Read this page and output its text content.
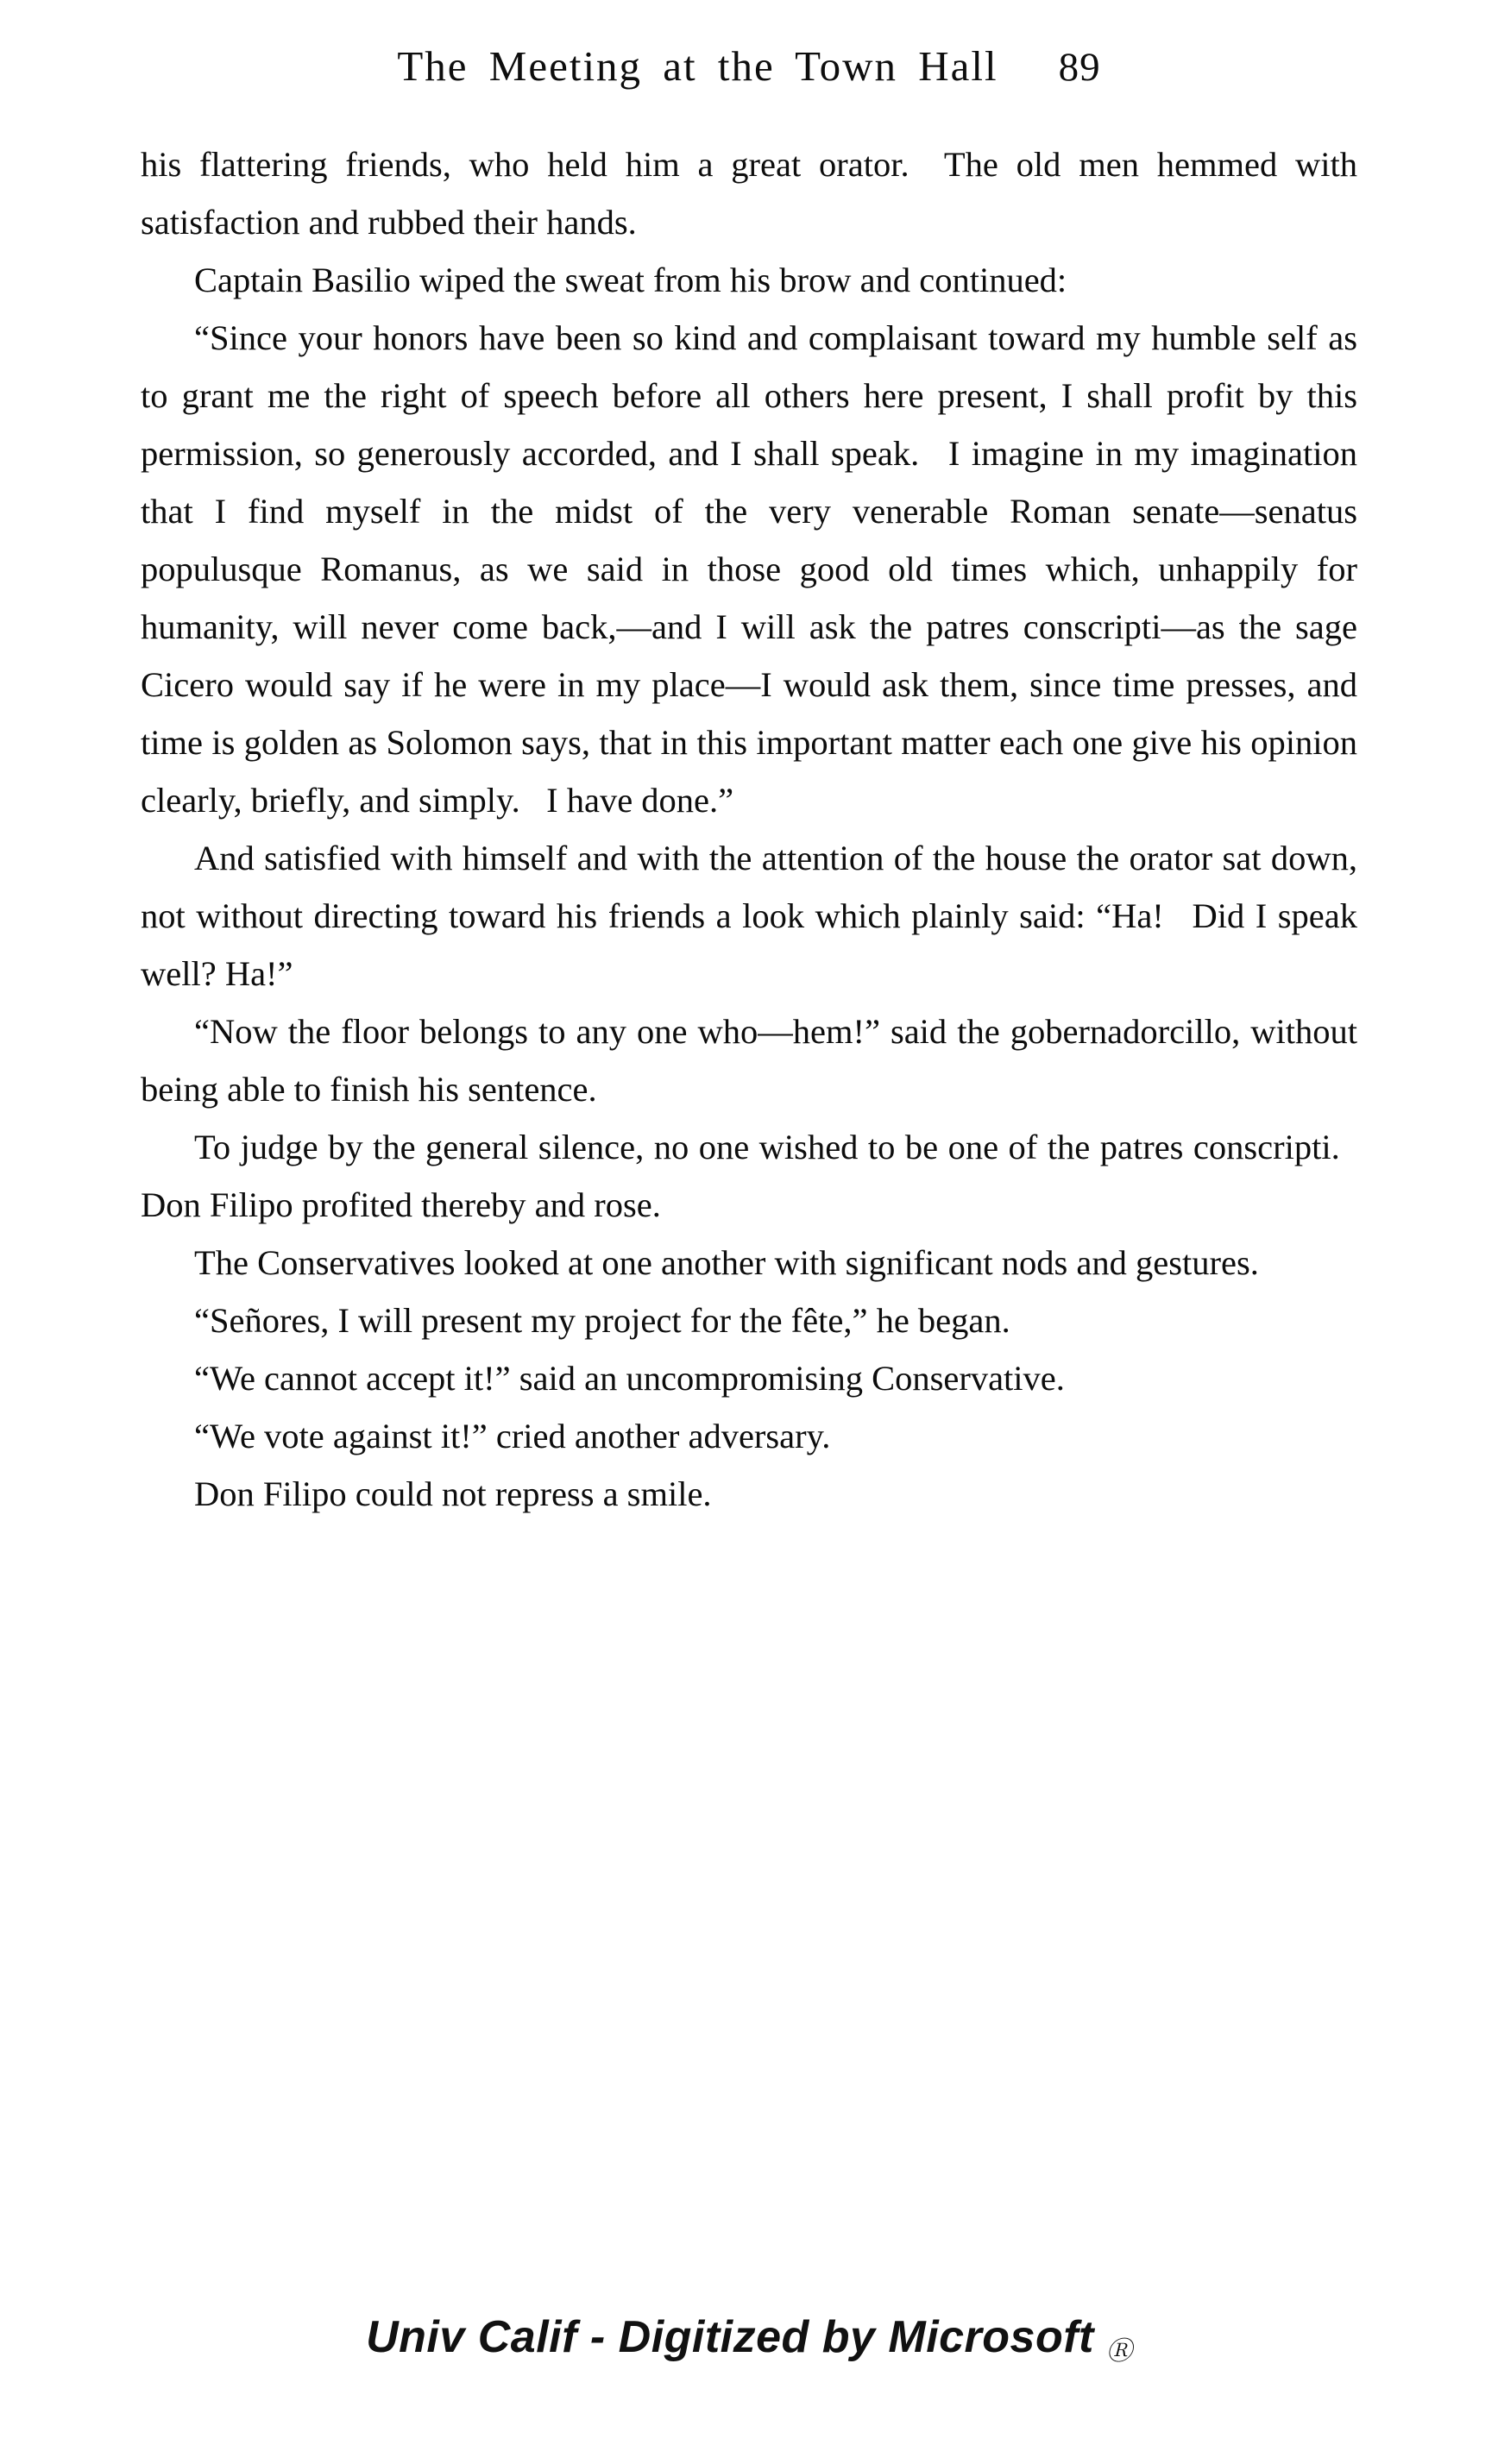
The Meeting at the Town Hall 89

his flattering friends, who held him a great orator.  The old men hemmed with satisfaction and rubbed their hands.

Captain Basilio wiped the sweat from his brow and continued:

“Since your honors have been so kind and complaisant toward my humble self as to grant me the right of speech before all others here present, I shall profit by this permission, so generously accorded, and I shall speak.  I imagine in my imagination that I find myself in the midst of the very venerable Roman senate—senatus populusque Romanus, as we said in those good old times which, unhappily for humanity, will never come back,—and I will ask the patres conscripti—as the sage Cicero would say if he were in my place—I would ask them, since time presses, and time is golden as Solomon says, that in this important matter each one give his opinion clearly, briefly, and simply.  I have done.”

And satisfied with himself and with the attention of the house the orator sat down, not without directing toward his friends a look which plainly said: “Ha!  Did I speak well? Ha!”

“Now the floor belongs to any one who—hem!” said the gobernadorcillo, without being able to finish his sentence.

To judge by the general silence, no one wished to be one of the patres conscripti.  Don Filipo profited thereby and rose.

The Conservatives looked at one another with significant nods and gestures.

“Señores, I will present my project for the fête,” he began.

“We cannot accept it!” said an uncompromising Conservative.

“We vote against it!” cried another adversary.

Don Filipo could not repress a smile.

Univ Calif - Digitized by Microsoft Ⓡ
